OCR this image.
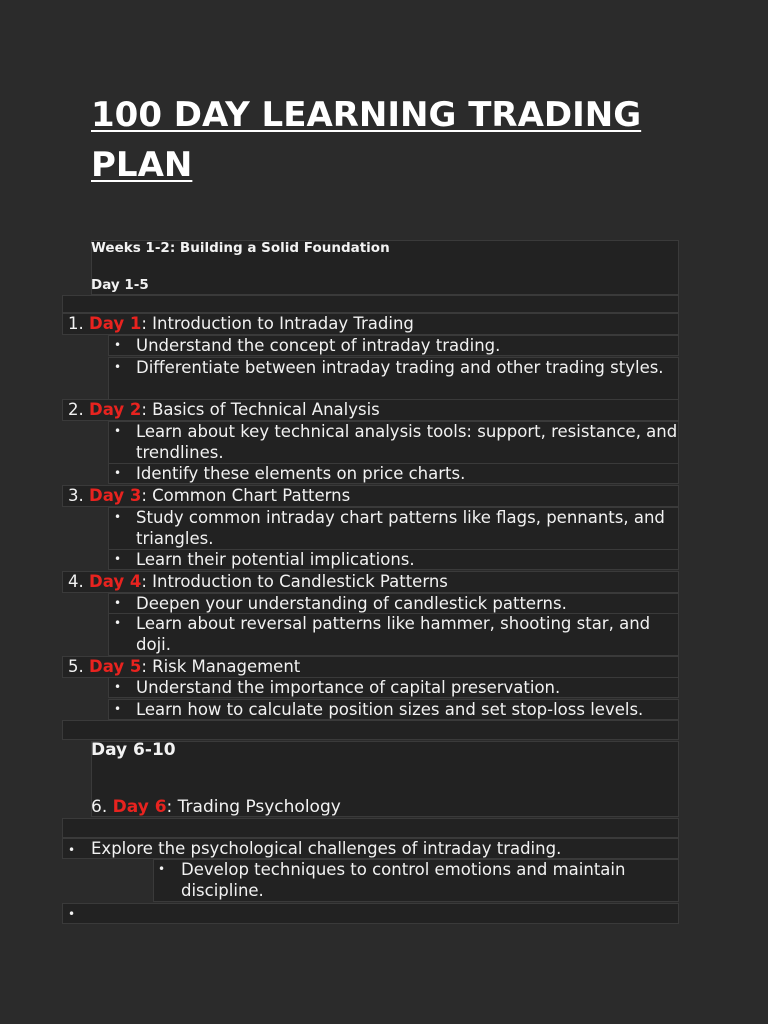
100 DAY LEARNING TRADING PLAN
Weeks 1-2: Building a Solid Foundation
Day 1-5
1. Day 1: Introduction to Intraday Trading
• Understand the concept of intraday trading.
• Differentiate between intraday trading and other trading styles.
2. Day 2: Basics of Technical Analysis
• Learn about key technical analysis tools: support, resistance, and trendlines.
• Identify these elements on price charts.
3. Day 3: Common Chart Patterns
• Study common intraday chart patterns like flags, pennants, and triangles.
• Learn their potential implications.
4. Day 4: Introduction to Candlestick Patterns
• Deepen your understanding of candlestick patterns.
• Learn about reversal patterns like hammer, shooting star, and doji.
5. Day 5: Risk Management
• Understand the importance of capital preservation.
• Learn how to calculate position sizes and set stop-loss levels.
Day 6-10
6. Day 6: Trading Psychology
• Explore the psychological challenges of intraday trading.
• Develop techniques to control emotions and maintain discipline.
•
